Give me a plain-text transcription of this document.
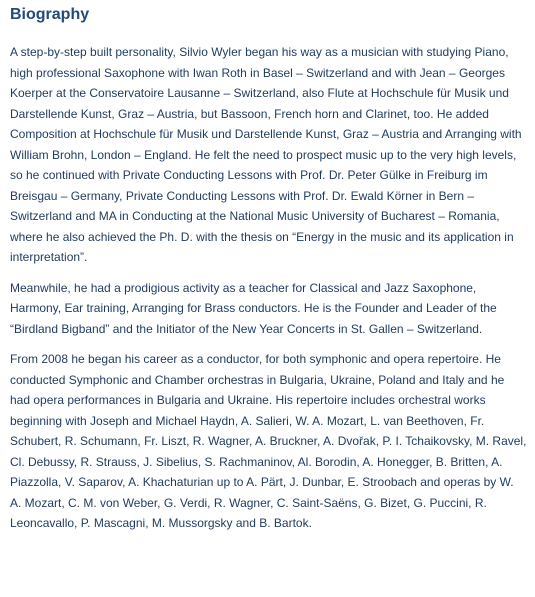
Biography

A step-by-step built personality, Silvio Wyler began his way as a musician with studying Piano, high professional Saxophone with Iwan Roth in Basel – Switzerland and with Jean – Georges Koerper at the Conservatoire Lausanne – Switzerland, also Flute at Hochschule für Musik und Darstellende Kunst, Graz – Austria, but Bassoon, French horn and Clarinet, too. He added Composition at Hochschule für Musik und Darstellende Kunst, Graz – Austria and Arranging with William Brohn, London – England. He felt the need to prospect music up to the very high levels, so he continued with Private Conducting Lessons with Prof. Dr. Peter Gülke in Freiburg im Breisgau – Germany, Private Conducting Lessons with Prof. Dr. Ewald Körner in Bern – Switzerland and MA in Conducting at the National Music University of Bucharest – Romania, where he also achieved the Ph. D. with the thesis on “Energy in the music and its application in interpretation”.

Meanwhile, he had a prodigious activity as a teacher for Classical and Jazz Saxophone, Harmony, Ear training, Arranging for Brass conductors. He is the Founder and Leader of the “Birdland Bigband” and the Initiator of the New Year Concerts in St. Gallen – Switzerland.

From 2008 he began his career as a conductor, for both symphonic and opera repertoire. He conducted Symphonic and Chamber orchestras in Bulgaria, Ukraine, Poland and Italy and he had opera performances in Bulgaria and Ukraine. His repertoire includes orchestral works beginning with Joseph and Michael Haydn, A. Salieri, W. A. Mozart, L. van Beethoven, Fr. Schubert, R. Schumann, Fr. Liszt, R. Wagner, A. Bruckner, A. Dvořak, P. I. Tchaikovsky, M. Ravel, Cl. Debussy, R. Strauss, J. Sibelius, S. Rachmaninov, Al. Borodin, A. Honegger, B. Britten, A. Piazzolla, V. Saparov, A. Khachaturian up to A. Pärt, J. Dunbar, E. Stroobach and operas by W. A. Mozart, C. M. von Weber, G. Verdi, R. Wagner, C. Saint-Saëns, G. Bizet, G. Puccini, R. Leoncavallo, P. Mascagni, M. Mussorgsky and B. Bartok.
